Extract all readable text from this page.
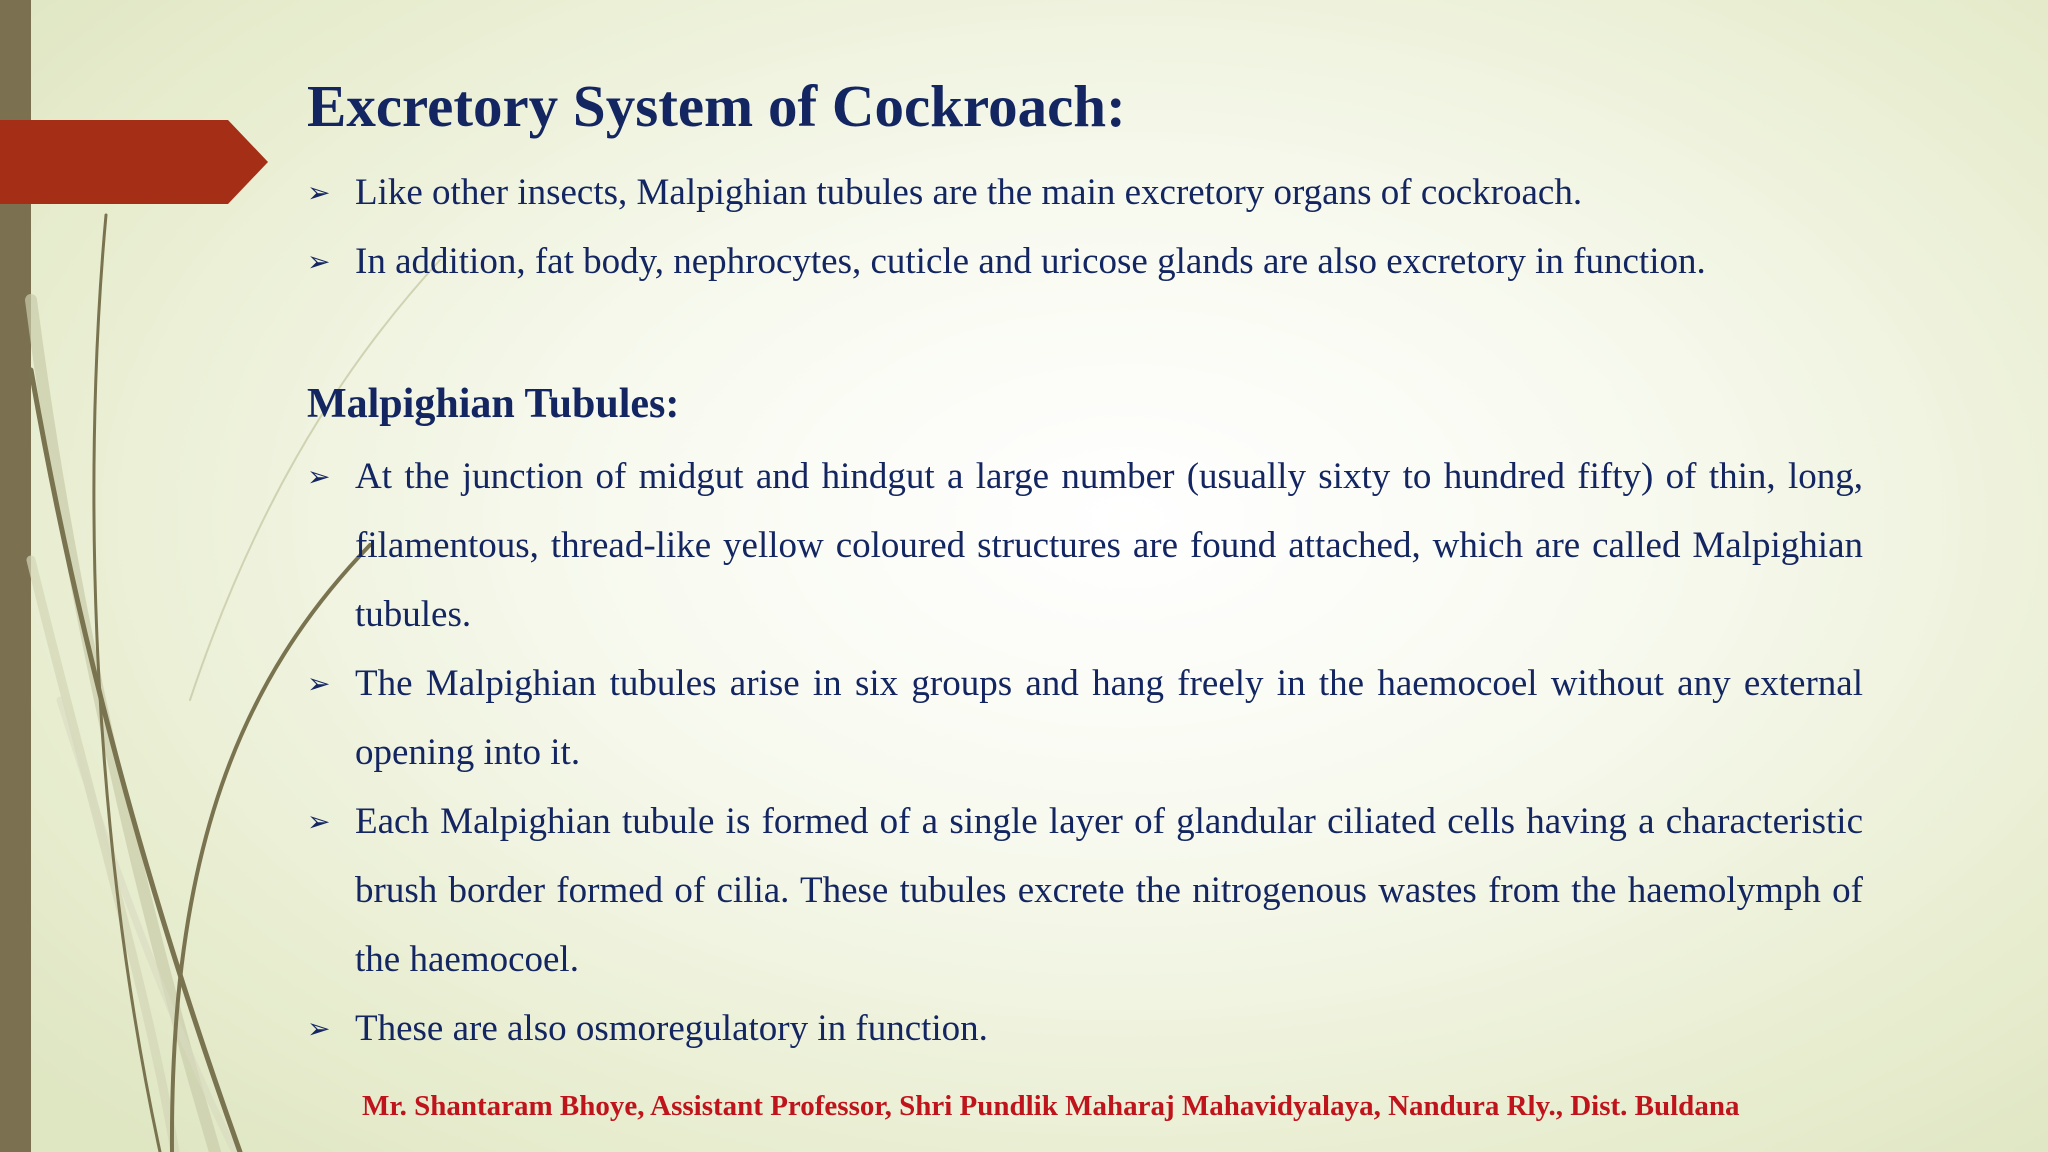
Excretory System of Cockroach:
➢ Like other insects, Malpighian tubules are the main excretory organs of cockroach.
➢ In addition, fat body, nephrocytes, cuticle and uricose glands are also excretory in function.
Malpighian Tubules:
➢ At the junction of midgut and hindgut a large number (usually sixty to hundred fifty) of thin, long, filamentous, thread-like yellow coloured structures are found attached, which are called Malpighian tubules.
➢ The Malpighian tubules arise in six groups and hang freely in the haemocoel without any external opening into it.
➢ Each Malpighian tubule is formed of a single layer of glandular ciliated cells having a characteristic brush border formed of cilia. These tubules excrete the nitrogenous wastes from the haemolymph of the haemocoel.
➢ These are also osmoregulatory in function.

Mr. Shantaram Bhoye, Assistant Professor, Shri Pundlik Maharaj Mahavidyalaya, Nandura Rly., Dist. Buldana
